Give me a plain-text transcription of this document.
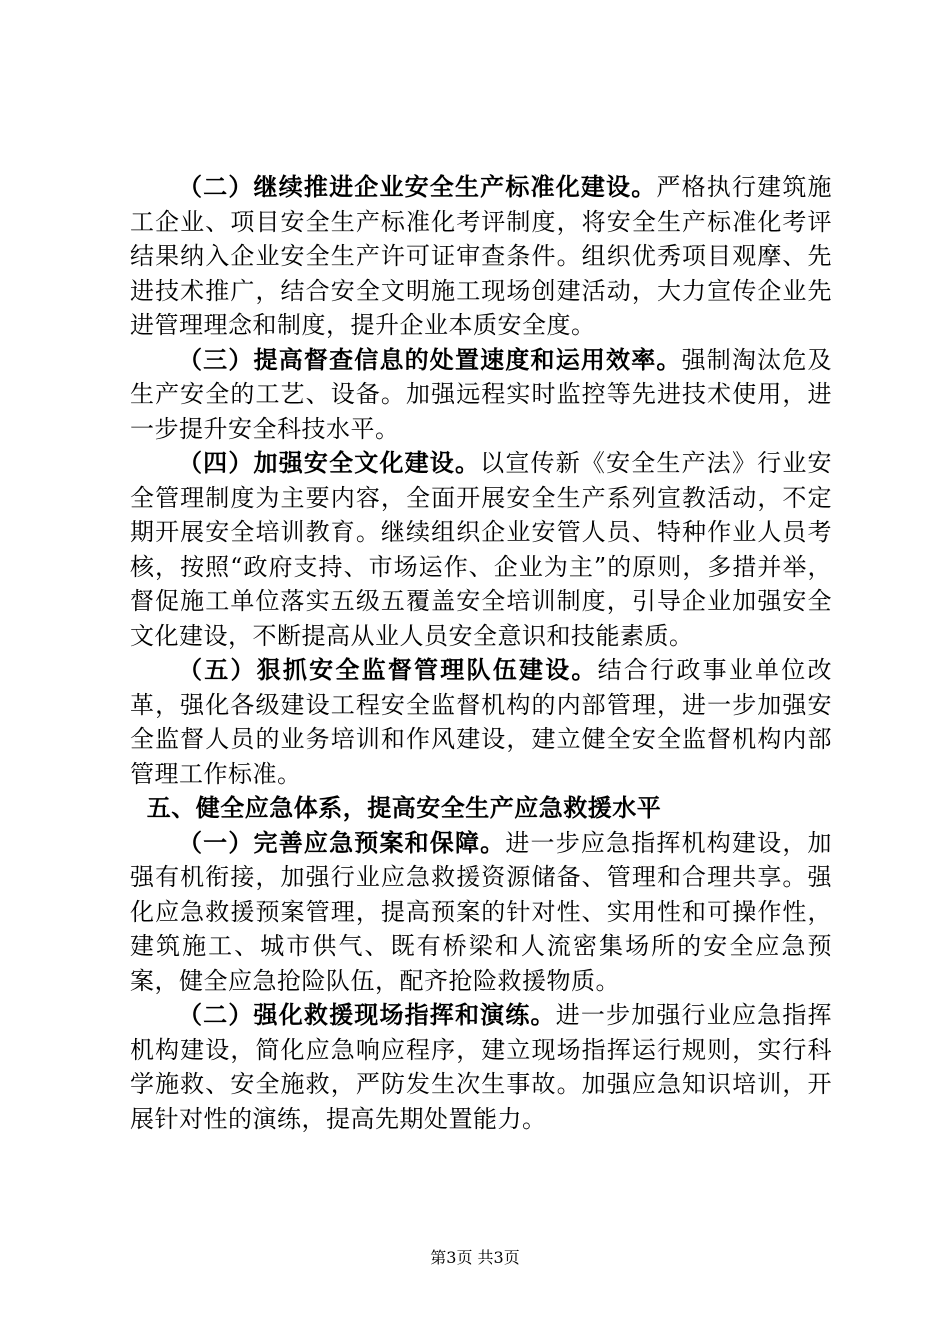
（二）继续推进企业安全生产标准化建设。严格执行建筑施工企业、项目安全生产标准化考评制度，将安全生产标准化考评结果纳入企业安全生产许可证审查条件。组织优秀项目观摩、先进技术推广，结合安全文明施工现场创建活动，大力宣传企业先进管理理念和制度，提升企业本质安全度。

（三）提高督查信息的处置速度和运用效率。强制淘汰危及生产安全的工艺、设备。加强远程实时监控等先进技术使用，进一步提升安全科技水平。

（四）加强安全文化建设。以宣传新《安全生产法》行业安全管理制度为主要内容，全面开展安全生产系列宣教活动，不定期开展安全培训教育。继续组织企业安管人员、特种作业人员考核，按照“政府支持、市场运作、企业为主”的原则，多措并举，督促施工单位落实五级五覆盖安全培训制度，引导企业加强安全文化建设，不断提高从业人员安全意识和技能素质。

（五）狠抓安全监督管理队伍建设。结合行政事业单位改革，强化各级建设工程安全监督机构的内部管理，进一步加强安全监督人员的业务培训和作风建设，建立健全安全监督机构内部管理工作标准。

五、健全应急体系，提高安全生产应急救援水平

（一）完善应急预案和保障。进一步应急指挥机构建设，加强有机衔接，加强行业应急救援资源储备、管理和合理共享。强化应急救援预案管理，提高预案的针对性、实用性和可操作性，建筑施工、城市供气、既有桥梁和人流密集场所的安全应急预案，健全应急抢险队伍，配齐抢险救援物质。

（二）强化救援现场指挥和演练。进一步加强行业应急指挥机构建设，简化应急响应程序，建立现场指挥运行规则，实行科学施救、安全施救，严防发生次生事故。加强应急知识培训，开展针对性的演练，提高先期处置能力。

第3页 共3页
